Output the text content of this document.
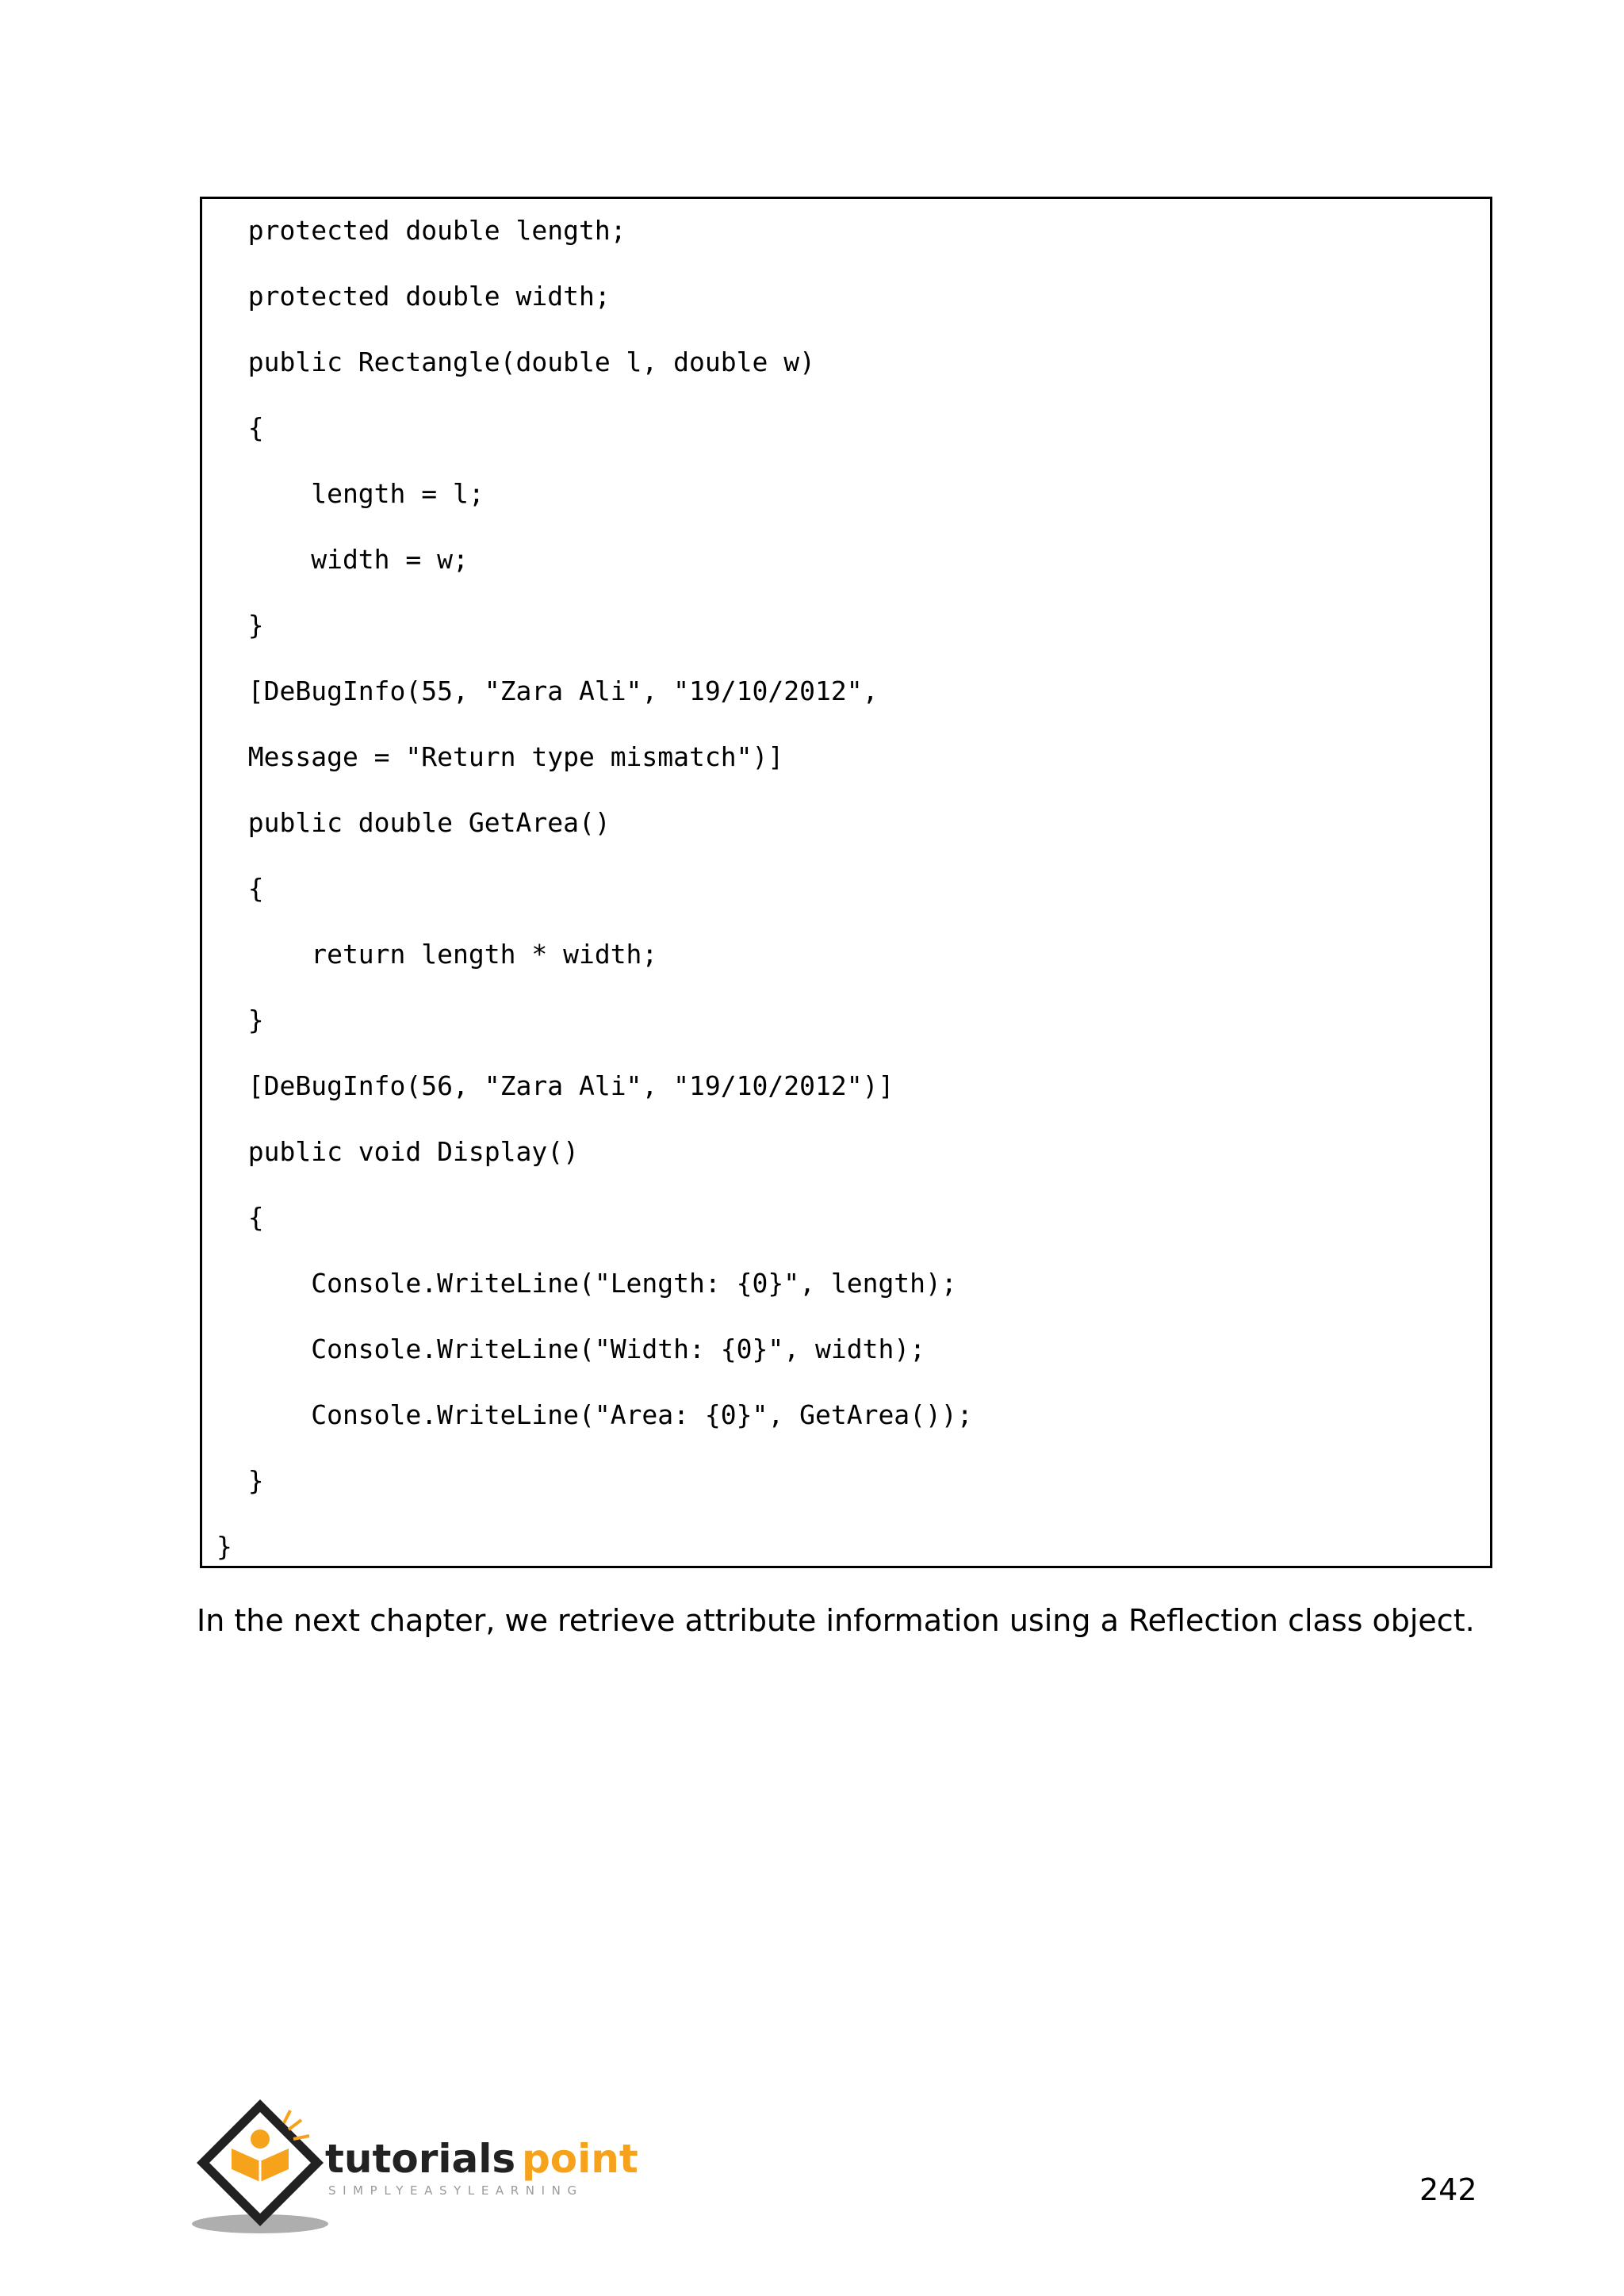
protected double length;
protected double width;
public Rectangle(double l, double w)
{
length = l;
width = w;
}
[DeBugInfo(55, "Zara Ali", "19/10/2012",
Message = "Return type mismatch")]
public double GetArea()
{
return length * width;
}
[DeBugInfo(56, "Zara Ali", "19/10/2012")]
public void Display()
{
Console.WriteLine("Length: {0}", length);
Console.WriteLine("Width: {0}", width);
Console.WriteLine("Area: {0}", GetArea());
}
}
In the next chapter, we retrieve attribute information using a Reflection class object.
tutorials point
SIMPLYEASYLEARNING	242
